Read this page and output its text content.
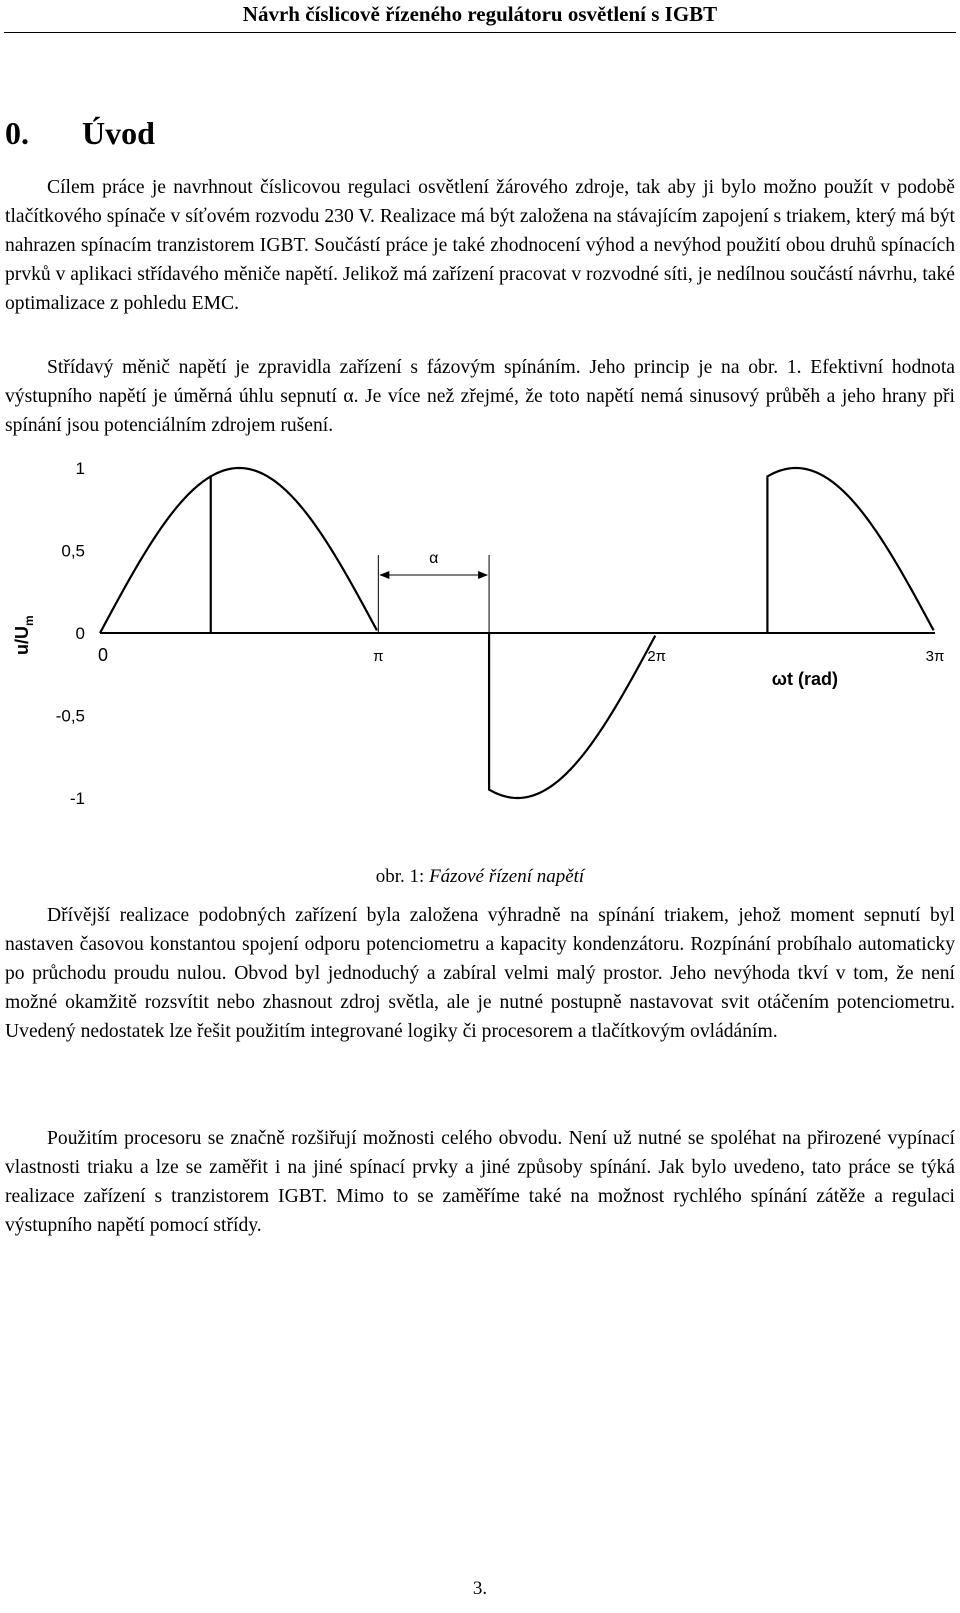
Návrh číslicově řízeného regulátoru osvětlení s IGBT
0. Úvod

Cílem práce je navrhnout číslicovou regulaci osvětlení žárového zdroje, tak aby ji bylo možno použít v podobě tlačítkového spínače v síťovém rozvodu 230 V. Realizace má být založena na stávajícím zapojení s triakem, který má být nahrazen spínacím tranzistorem IGBT. Součástí práce je také zhodnocení výhod a nevýhod použití obou druhů spínacích prvků v aplikaci střídavého měniče napětí. Jelikož má zařízení pracovat v rozvodné síti, je nedílnou součástí návrhu, také optimalizace z pohledu EMC.

Střídavý měnič napětí je zpravidla zařízení s fázovým spínáním. Jeho princip je na obr. 1. Efektivní hodnota výstupního napětí je úměrná úhlu sepnutí α. Je více než zřejmé, že toto napětí nemá sinusový průběh a jeho hrany při spínání jsou potenciálním zdrojem rušení.

1
0,5
0
-0,5
-1
$u/U_m$
0	π	2π	3π
ωt (rad)
α
obr. 1: Fázové řízení napětí

Dřívější realizace podobných zařízení byla založena výhradně na spínání triakem, jehož moment sepnutí byl nastaven časovou konstantou spojení odporu potenciometru a kapacity kondenzátoru. Rozpínání probíhalo automaticky po průchodu proudu nulou. Obvod byl jednoduchý a zabíral velmi malý prostor. Jeho nevýhoda tkví v tom, že není možné okamžitě rozsvítit nebo zhasnout zdroj světla, ale je nutné postupně nastavovat svit otáčením potenciometru. Uvedený nedostatek lze řešit použitím integrované logiky či procesorem a tlačítkovým ovládáním.

Použitím procesoru se značně rozšiřují možnosti celého obvodu. Není už nutné se spoléhat na přirozené vypínací vlastnosti triaku a lze se zaměřit i na jiné spínací prvky a jiné způsoby spínání. Jak bylo uvedeno, tato práce se týká realizace zařízení s tranzistorem IGBT. Mimo to se zaměříme také na možnost rychlého spínání zátěže a regulaci výstupního napětí pomocí střídy.

3.
